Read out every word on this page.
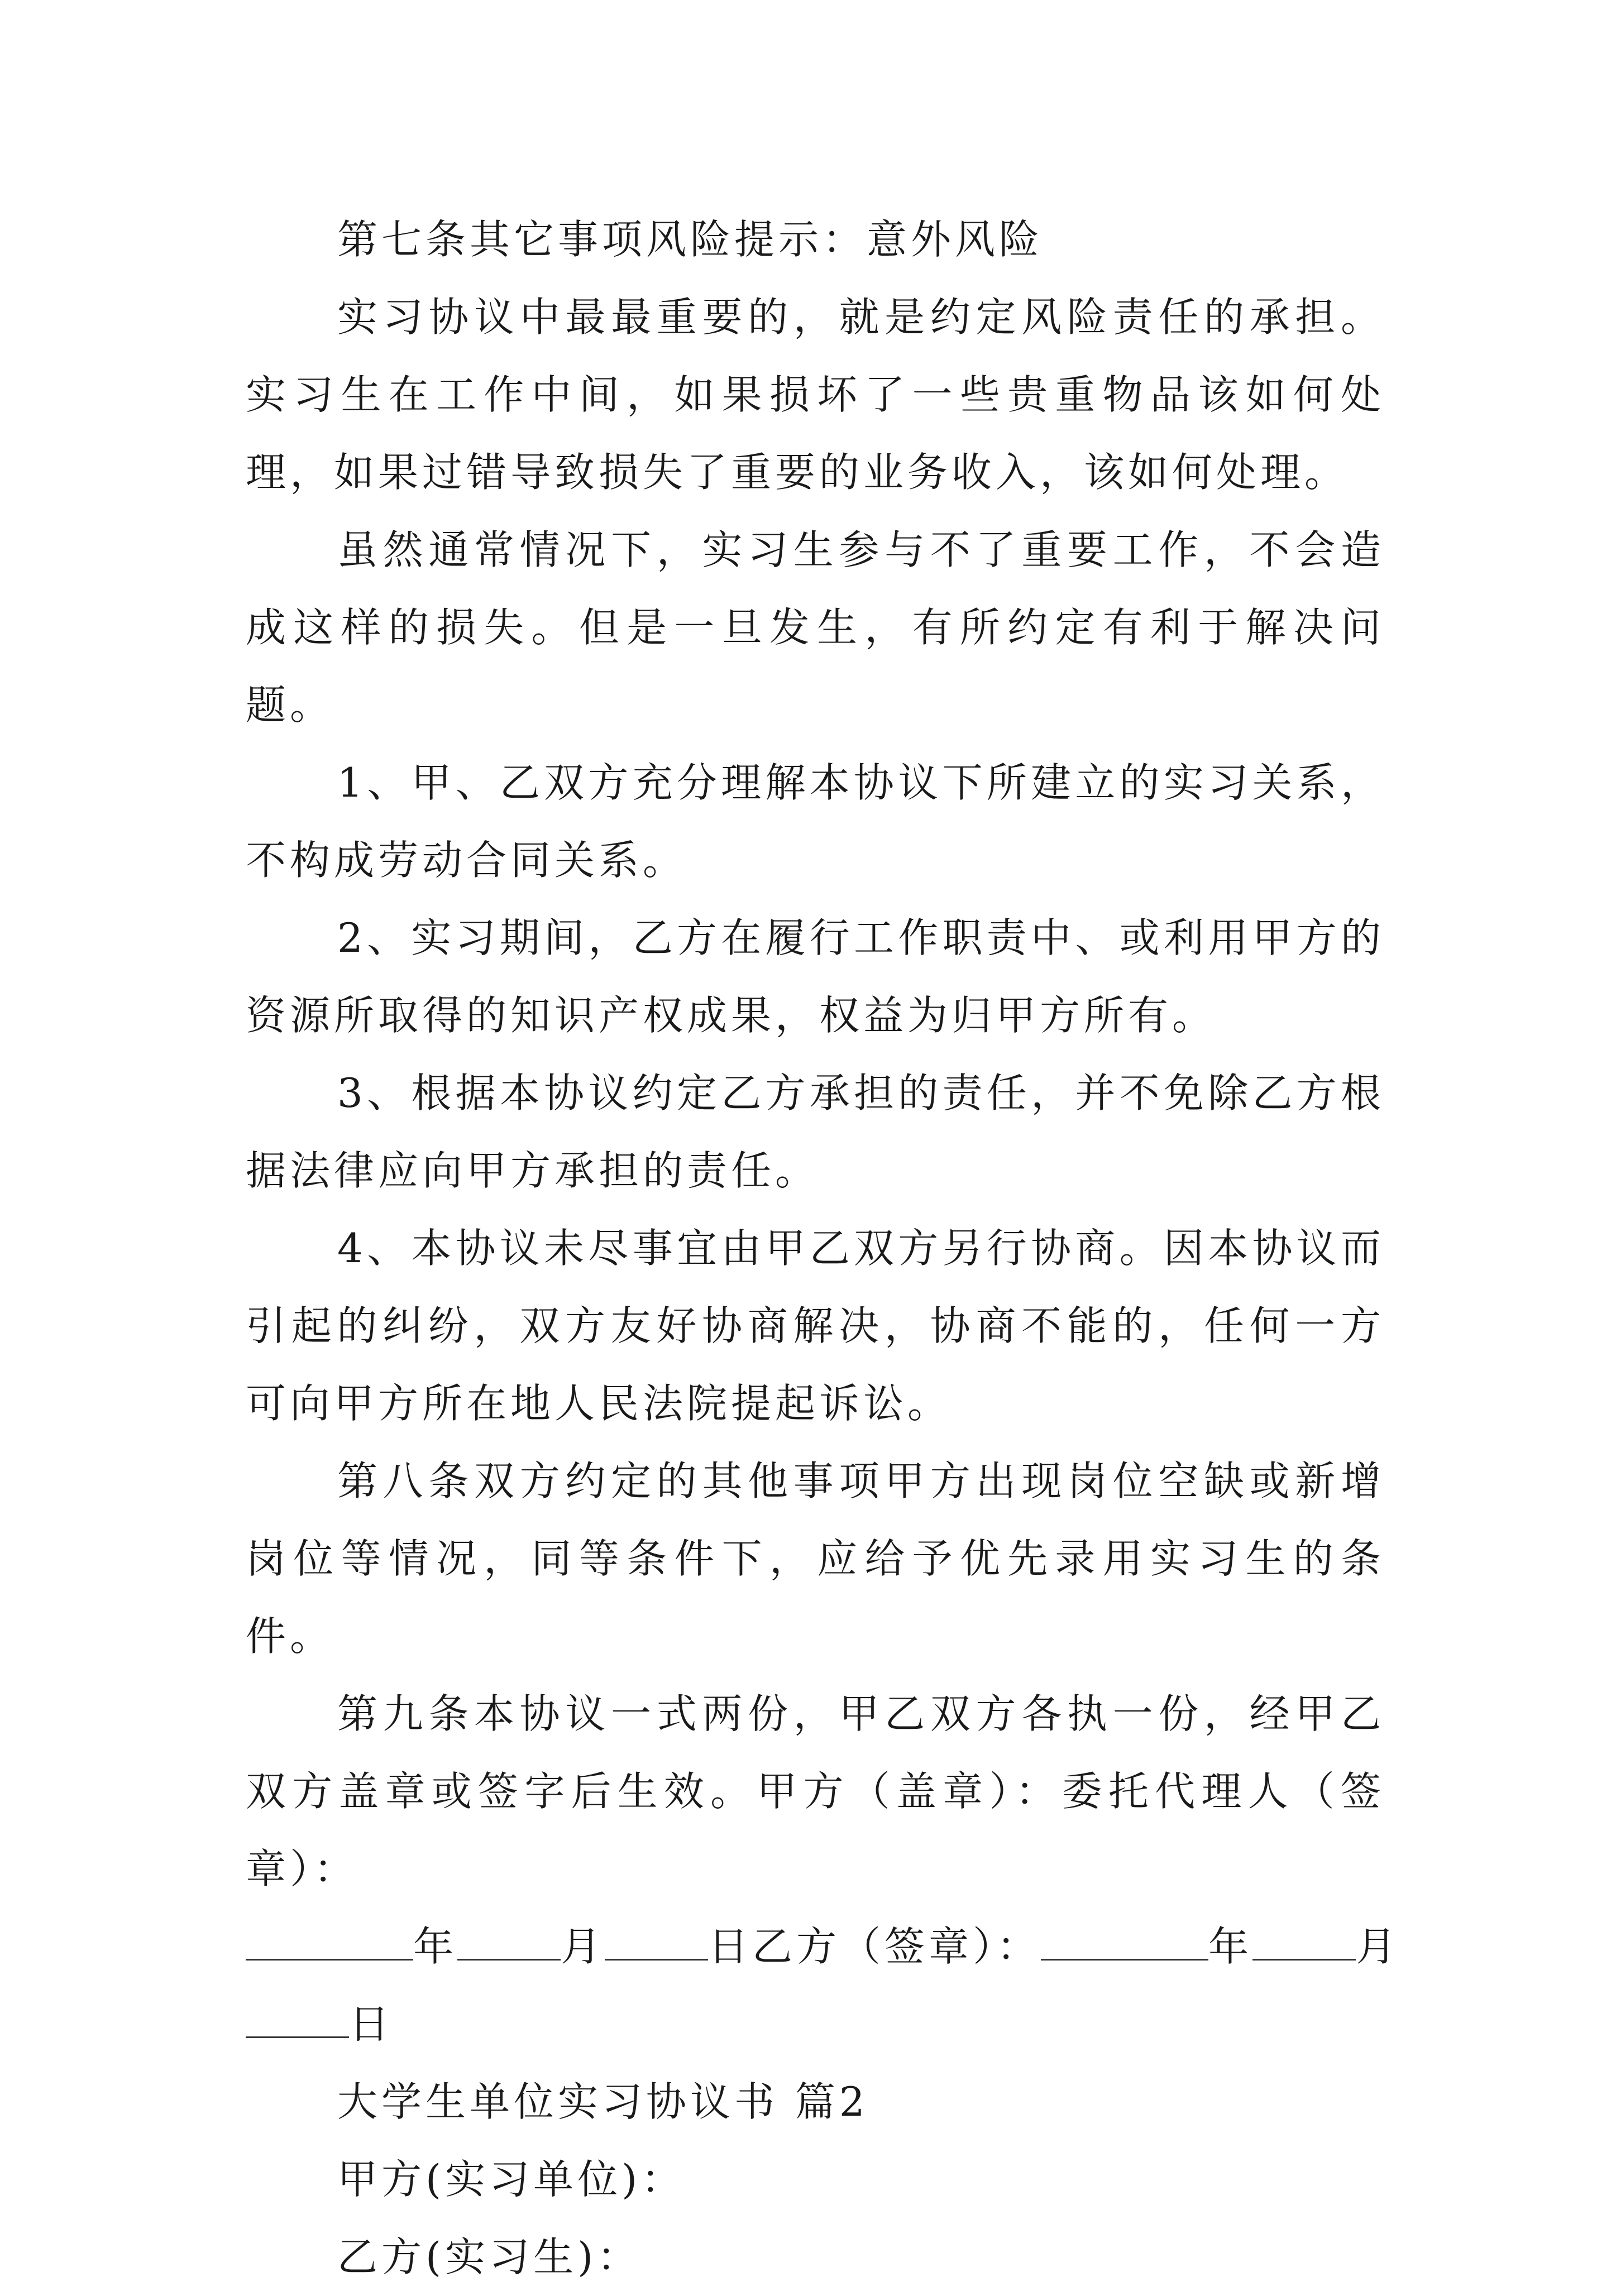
第七条其它事项风险提示：意外风险

实习协议中最最重要的，就是约定风险责任的承担。实习生在工作中间，如果损坏了一些贵重物品该如何处理，如果过错导致损失了重要的业务收入，该如何处理。

虽然通常情况下，实习生参与不了重要工作，不会造成这样的损失。但是一旦发生，有所约定有利于解决问题。

1、甲、乙双方充分理解本协议下所建立的实习关系，不构成劳动合同关系。

2、实习期间，乙方在履行工作职责中、或利用甲方的资源所取得的知识产权成果，权益为归甲方所有。

3、根据本协议约定乙方承担的责任，并不免除乙方根据法律应向甲方承担的责任。

4、本协议未尽事宜由甲乙双方另行协商。因本协议而引起的纠纷，双方友好协商解决，协商不能的，任何一方可向甲方所在地人民法院提起诉讼。

第八条双方约定的其他事项甲方出现岗位空缺或新增岗位等情况，同等条件下，应给予优先录用实习生的条件。

第九条本协议一式两份，甲乙双方各执一份，经甲乙双方盖章或签字后生效。甲方（盖章）：委托代理人（签章）：

年	月	日乙方（签章）：	年	月
日
大学生单位实习协议书 篇2
甲方(实习单位)：
乙方(实习生)：
